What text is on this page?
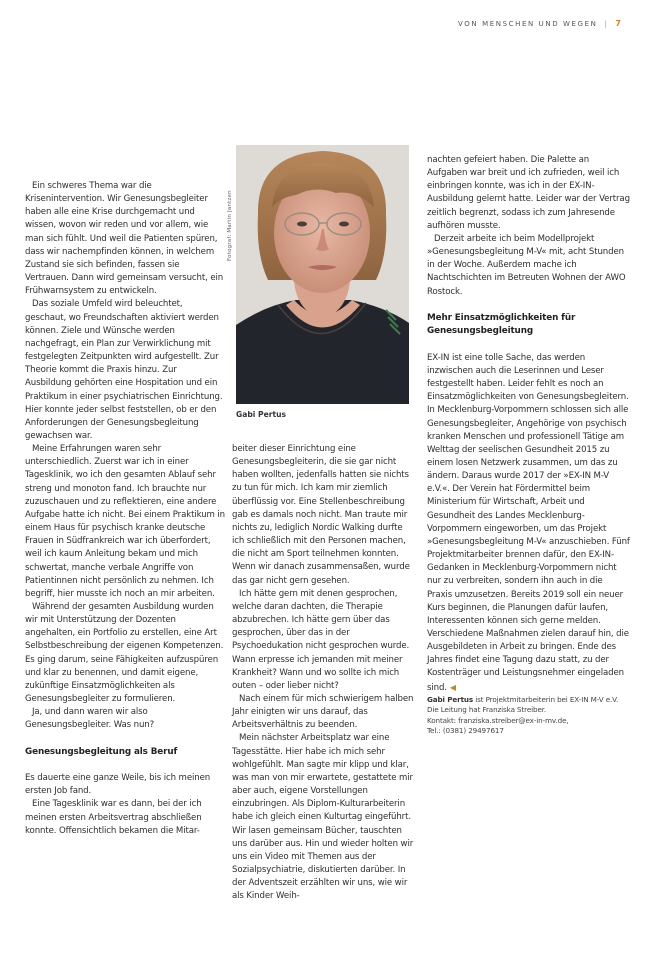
VON MENSCHEN UND WEGEN | 7

Ein schweres Thema war die Krisenintervention. Wir Genesungsbegleiter haben alle eine Krise durchgemacht und wissen, wovon wir reden und vor allem, wie man sich fühlt. Und weil die Patienten spüren, dass wir nachempfinden können, in welchem Zustand sie sich befinden, fassen sie Vertrauen. Dann wird gemeinsam versucht, ein Frühwarnsystem zu entwickeln.

Das soziale Umfeld wird beleuchtet, geschaut, wo Freundschaften aktiviert werden können. Ziele und Wünsche werden nachgefragt, ein Plan zur Verwirklichung mit festgelegten Zeitpunkten wird aufgestellt. Zur Theorie kommt die Praxis hinzu. Zur Ausbildung gehörten eine Hospitation und ein Praktikum in einer psychiatrischen Einrichtung. Hier konnte jeder selbst feststellen, ob er den Anforderungen der Genesungsbegleitung gewachsen war.

Meine Erfahrungen waren sehr unterschiedlich. Zuerst war ich in einer Tagesklinik, wo ich den gesamten Ablauf sehr streng und monoton fand. Ich brauchte nur zuzuschauen und zu reflektieren, eine andere Aufgabe hatte ich nicht. Bei einem Praktikum in einem Haus für psychisch kranke deutsche Frauen in Südfrankreich war ich überfordert, weil ich kaum Anleitung bekam und mich schwertat, manche verbale Angriffe von Patientinnen nicht persönlich zu nehmen. Ich begriff, hier musste ich noch an mir arbeiten.

Während der gesamten Ausbildung wurden wir mit Unterstützung der Dozenten angehalten, ein Portfolio zu erstellen, eine Art Selbstbeschreibung der eigenen Kompetenzen. Es ging darum, seine Fähigkeiten aufzuspüren und klar zu benennen, und damit eigene, zukünftige Einsatzmöglichkeiten als Genesungsbegleiter zu formulieren.

Ja, und dann waren wir also Genesungsbegleiter. Was nun?

Genesungsbegleitung als Beruf

Es dauerte eine ganze Weile, bis ich meinen ersten Job fand.

Eine Tagesklinik war es dann, bei der ich meinen ersten Arbeitsvertrag abschließen konnte. Offensichtlich bekamen die Mitar-

Fotograf: Martin Jantzen
Gabi Pertus

beiter dieser Einrichtung eine Genesungsbegleiterin, die sie gar nicht haben wollten, jedenfalls hatten sie nichts zu tun für mich. Ich kam mir ziemlich überflüssig vor. Eine Stellenbeschreibung gab es damals noch nicht. Man traute mir nichts zu, lediglich Nordic Walking durfte ich schließlich mit den Personen machen, die nicht am Sport teilnehmen konnten. Wenn wir danach zusammensaßen, wurde das gar nicht gern gesehen.

Ich hätte gern mit denen gesprochen, welche daran dachten, die Therapie abzubrechen. Ich hätte gern über das gesprochen, über das in der Psychoedukation nicht gesprochen wurde. Wann erpresse ich jemanden mit meiner Krankheit? Wann und wo sollte ich mich outen – oder lieber nicht?

Nach einem für mich schwierigem halben Jahr einigten wir uns darauf, das Arbeitsverhältnis zu beenden.

Mein nächster Arbeitsplatz war eine Tagesstätte. Hier habe ich mich sehr wohlgefühlt. Man sagte mir klipp und klar, was man von mir erwartete, gestattete mir aber auch, eigene Vorstellungen einzubringen. Als Diplom-Kulturarbeiterin habe ich gleich einen Kulturtag eingeführt. Wir lasen gemeinsam Bücher, tauschten uns darüber aus. Hin und wieder holten wir uns ein Video mit Themen aus der Sozialpsychiatrie, diskutierten darüber. In der Adventszeit erzählten wir uns, wie wir als Kinder Weih-

nachten gefeiert haben. Die Palette an Aufgaben war breit und ich zufrieden, weil ich einbringen konnte, was ich in der EX-IN-Ausbildung gelernt hatte. Leider war der Vertrag zeitlich begrenzt, sodass ich zum Jahresende aufhören musste.

Derzeit arbeite ich beim Modellprojekt »Genesungsbegleitung M-V« mit, acht Stunden in der Woche. Außerdem mache ich Nachtschichten im Betreuten Wohnen der AWO Rostock.

Mehr Einsatzmöglichkeiten für Genesungsbegleitung

EX-IN ist eine tolle Sache, das werden inzwischen auch die Leserinnen und Leser festgestellt haben. Leider fehlt es noch an Einsatzmöglichkeiten von Genesungsbegleitern. In Mecklenburg-Vorpommern schlossen sich alle Genesungsbegleiter, Angehörige von psychisch kranken Menschen und professionell Tätige am Welttag der seelischen Gesundheit 2015 zu einem losen Netzwerk zusammen, um das zu ändern. Daraus wurde 2017 der »EX-IN M-V e.V.«. Der Verein hat Fördermittel beim Ministerium für Wirtschaft, Arbeit und Gesundheit des Landes Mecklenburg-Vorpommern eingeworben, um das Projekt »Genesungsbegleitung M-V« anzuschieben. Fünf Projektmitarbeiter brennen dafür, den EX-IN-Gedanken in Mecklenburg-Vorpommern nicht nur zu verbreiten, sondern ihn auch in die Praxis umzusetzen. Bereits 2019 soll ein neuer Kurs beginnen, die Planungen dafür laufen, Interessenten können sich gerne melden. Verschiedene Maßnahmen zielen darauf hin, die Ausgebildeten in Arbeit zu bringen. Ende des Jahres findet eine Tagung dazu statt, zu der Kostenträger und Leistungsnehmer eingeladen sind. ◀

Gabi Pertus ist Projektmitarbeiterin bei EX-IN M-V e.V. Die Leitung hat Franziska Streiber.
Kontakt: franziska.streiber@ex-in-mv.de,
Tel.: (0381) 29497617
